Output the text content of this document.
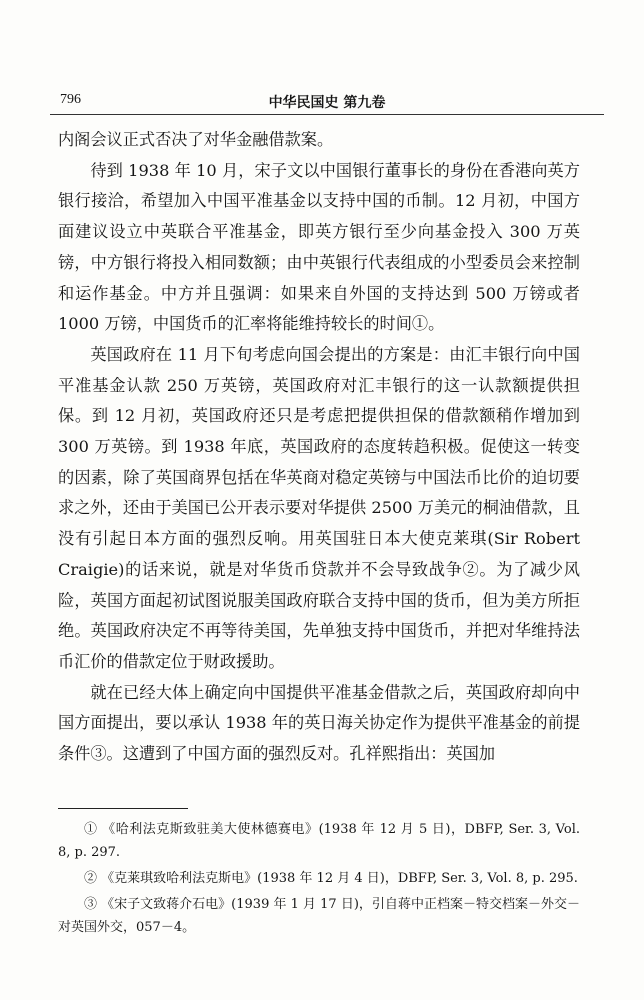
796	中华民国史 第九卷

内阁会议正式否决了对华金融借款案。

待到 1938 年 10 月，宋子文以中国银行董事长的身份在香港向英方银行接洽，希望加入中国平准基金以支持中国的币制。12 月初，中国方面建议设立中英联合平准基金，即英方银行至少向基金投入 300 万英镑，中方银行将投入相同数额；由中英银行代表组成的小型委员会来控制和运作基金。中方并且强调：如果来自外国的支持达到 500 万镑或者 1000 万镑，中国货币的汇率将能维持较长的时间①。

英国政府在 11 月下旬考虑向国会提出的方案是：由汇丰银行向中国平准基金认款 250 万英镑，英国政府对汇丰银行的这一认款额提供担保。到 12 月初，英国政府还只是考虑把提供担保的借款额稍作增加到 300 万英镑。到 1938 年底，英国政府的态度转趋积极。促使这一转变的因素，除了英国商界包括在华英商对稳定英镑与中国法币比价的迫切要求之外，还由于美国已公开表示要对华提供 2500 万美元的桐油借款，且没有引起日本方面的强烈反响。用英国驻日本大使克莱琪(Sir Robert Craigie)的话来说，就是对华货币贷款并不会导致战争②。为了减少风险，英国方面起初试图说服美国政府联合支持中国的货币，但为美方所拒绝。英国政府决定不再等待美国，先单独支持中国货币，并把对华维持法币汇价的借款定位于财政援助。

就在已经大体上确定向中国提供平准基金借款之后，英国政府却向中国方面提出，要以承认 1938 年的英日海关协定作为提供平准基金的前提条件③。这遭到了中国方面的强烈反对。孔祥熙指出：英国加

① 《哈利法克斯致驻美大使林德赛电》(1938 年 12 月 5 日)，DBFP, Ser. 3, Vol. 8, p. 297.

② 《克莱琪致哈利法克斯电》(1938 年 12 月 4 日)，DBFP, Ser. 3, Vol. 8, p. 295.

③ 《宋子文致蒋介石电》(1939 年 1 月 17 日)，引自蒋中正档案－特交档案－外交－对英国外交，057－4。
